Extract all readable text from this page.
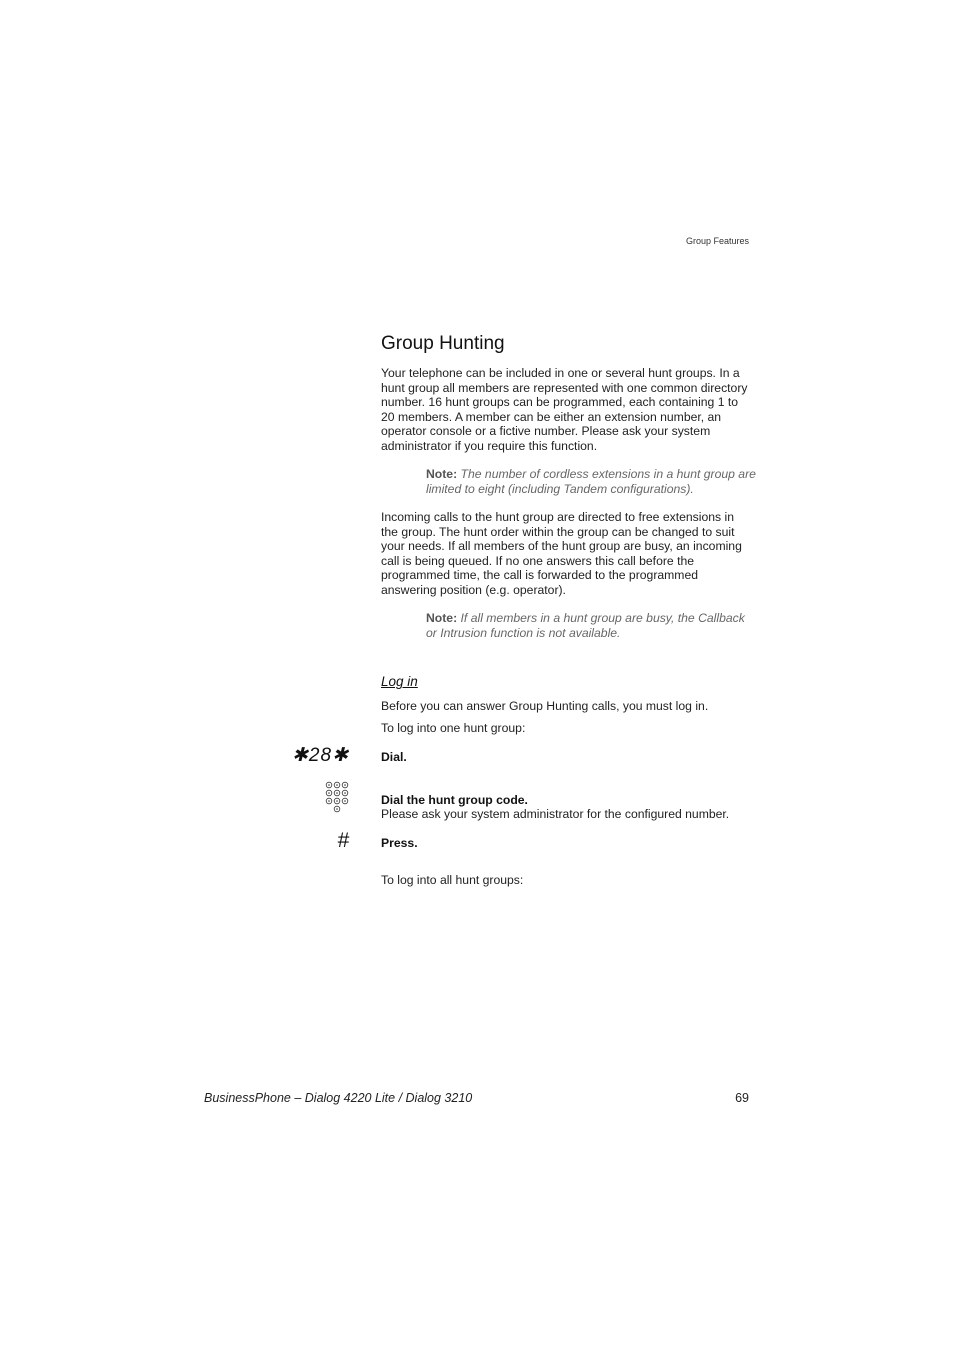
Group Features
Group Hunting

Your telephone can be included in one or several hunt groups. In a hunt group all members are represented with one common directory number. 16 hunt groups can be programmed, each containing 1 to 20 members. A member can be either an extension number, an operator console or a fictive number. Please ask your system administrator if you require this function.

Note: The number of cordless extensions in a hunt group are limited to eight (including Tandem configurations).

Incoming calls to the hunt group are directed to free extensions in the group. The hunt order within the group can be changed to suit your needs. If all members of the hunt group are busy, an incoming call is being queued. If no one answers this call before the programmed time, the call is forwarded to the programmed answering position (e.g. operator).

Note: If all members in a hunt group are busy, the Callback or Intrusion function is not available.
Log in

Before you can answer Group Hunting calls, you must log in.

To log into one hunt group:

✱28✱	Dial.
Dial the hunt group code.
Please ask your system administrator for the configured number.
#	Press.

To log into all hunt groups:

BusinessPhone – Dialog 4220 Lite / Dialog 3210	69
